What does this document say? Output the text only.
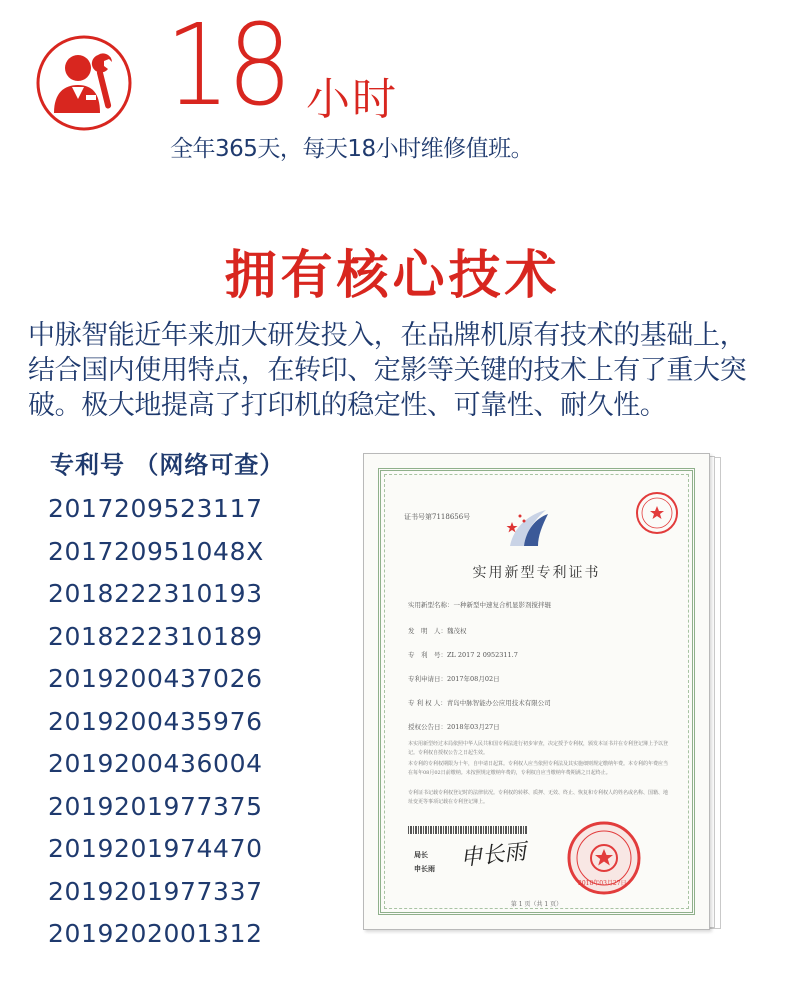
18 小时
全年365天，每天18小时维修值班。
拥有核心技术
中脉智能近年来加大研发投入，在品牌机原有技术的基础上，
结合国内使用特点，在转印、定影等关键的技术上有了重大突
破。极大地提高了打印机的稳定性、可靠性、耐久性。
专利号 （网络可查）
2017209523117
201720951048X
2018222310193
2018222310189
2019200437026
2019200435976
2019200436004
2019201977375
2019201974470
2019201977337
2019202001312
证书号第7118656号
实用新型专利证书
实用新型名称：一种新型中速复合机显影剂搅拌辊
发　明　人：魏茂权
专　利　号：ZL 2017 2 0952311.7
专利申请日：2017年08月02日
专 利 权 人：青岛中脉智能办公应用技术有限公司
授权公告日：2018年03月27日
本实用新型经过本局依照中华人民共和国专利法进行初步审查，决定授予专利权，颁发本证书并在专利登记簿上予以登记。专利权自授权公告之日起生效。
本专利的专利权期限为十年，自申请日起算。专利权人应当依照专利法及其实施细则规定缴纳年费。本专利的年费应当在每年08月02日前缴纳。未按照规定缴纳年费的，专利权自应当缴纳年费期满之日起终止。
专利证书记载专利权登记时的法律状况。专利权的转移、质押、无效、终止、恢复和专利权人的姓名或名称、国籍、地址变更等事项记载在专利登记簿上。
局长
申长雨 申长雨
2018年03月27日
第 1 页（共 1 页）
